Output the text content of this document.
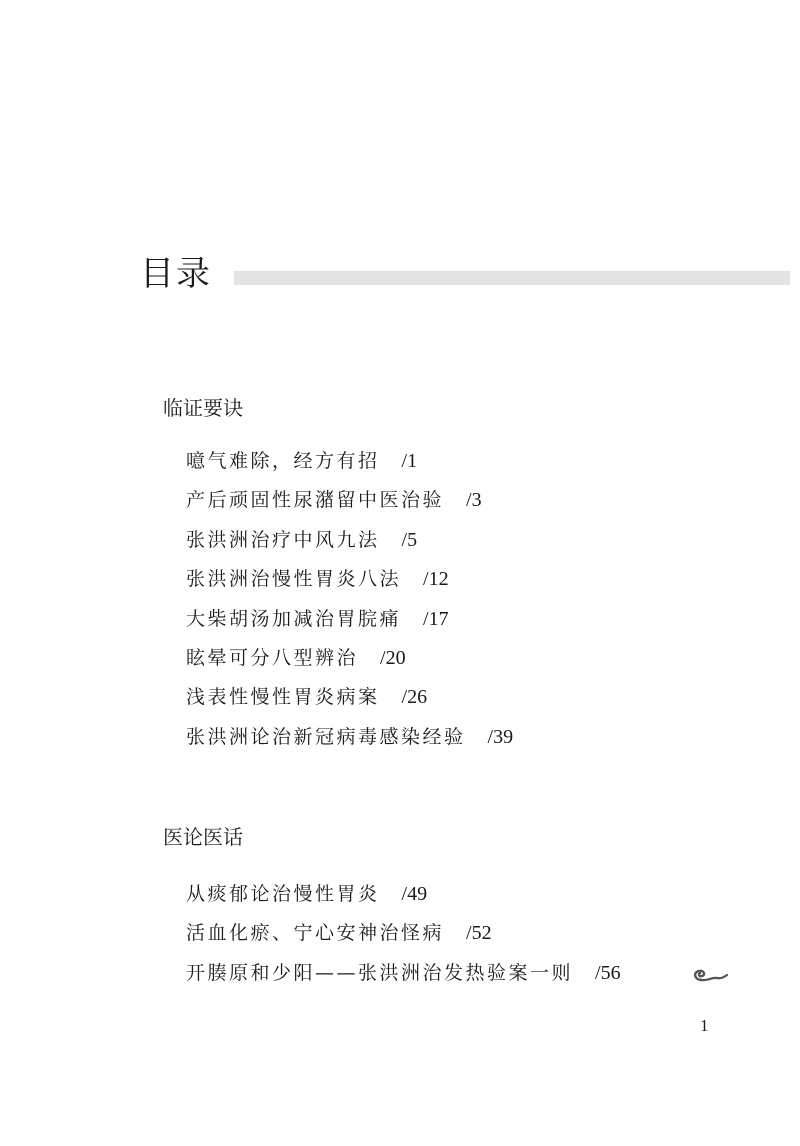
目录
临证要诀
噫气难除，经方有招 /1
产后顽固性尿潴留中医治验 /3
张洪洲治疗中风九法 /5
张洪洲治慢性胃炎八法 /12
大柴胡汤加减治胃脘痛 /17
眩晕可分八型辨治 /20
浅表性慢性胃炎病案 /26
张洪洲论治新冠病毒感染经验 /39
医论医话
从痰郁论治慢性胃炎 /49
活血化瘀、宁心安神治怪病 /52
开腠原和少阳——张洪洲治发热验案一则 /56
1
